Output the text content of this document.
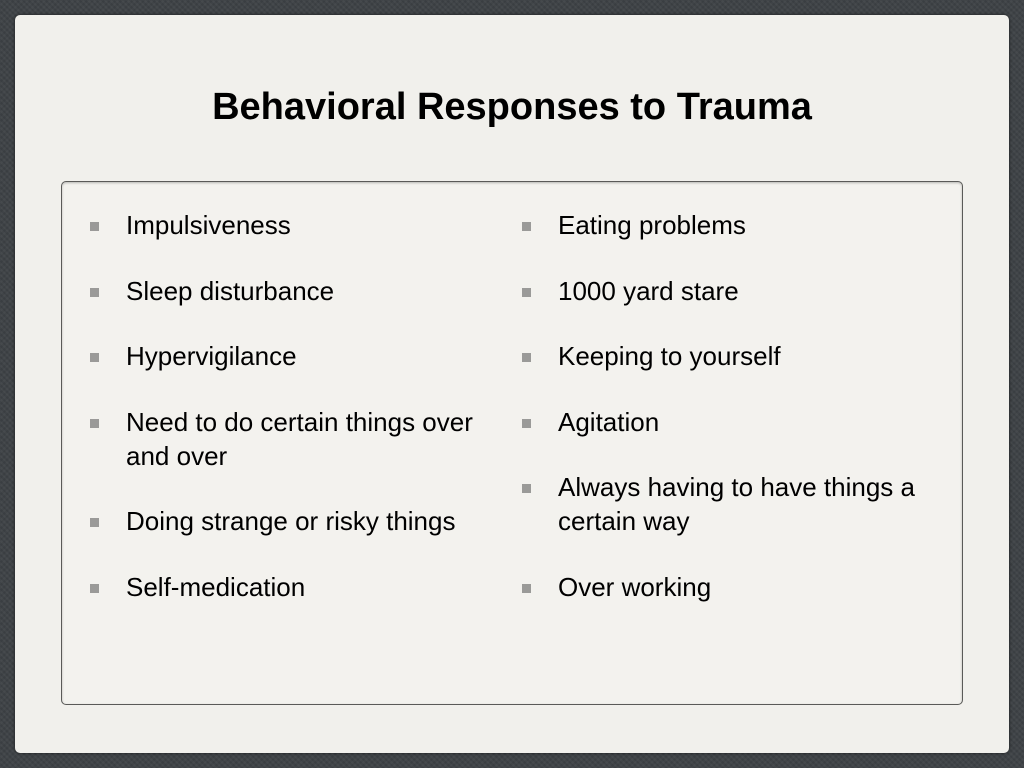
Behavioral Responses to Trauma
Impulsiveness
Sleep disturbance
Hypervigilance
Need to do certain things over and over
Doing strange or risky things
Self-medication
Eating problems
1000 yard stare
Keeping to yourself
Agitation
Always having to have things a certain way
Over working
